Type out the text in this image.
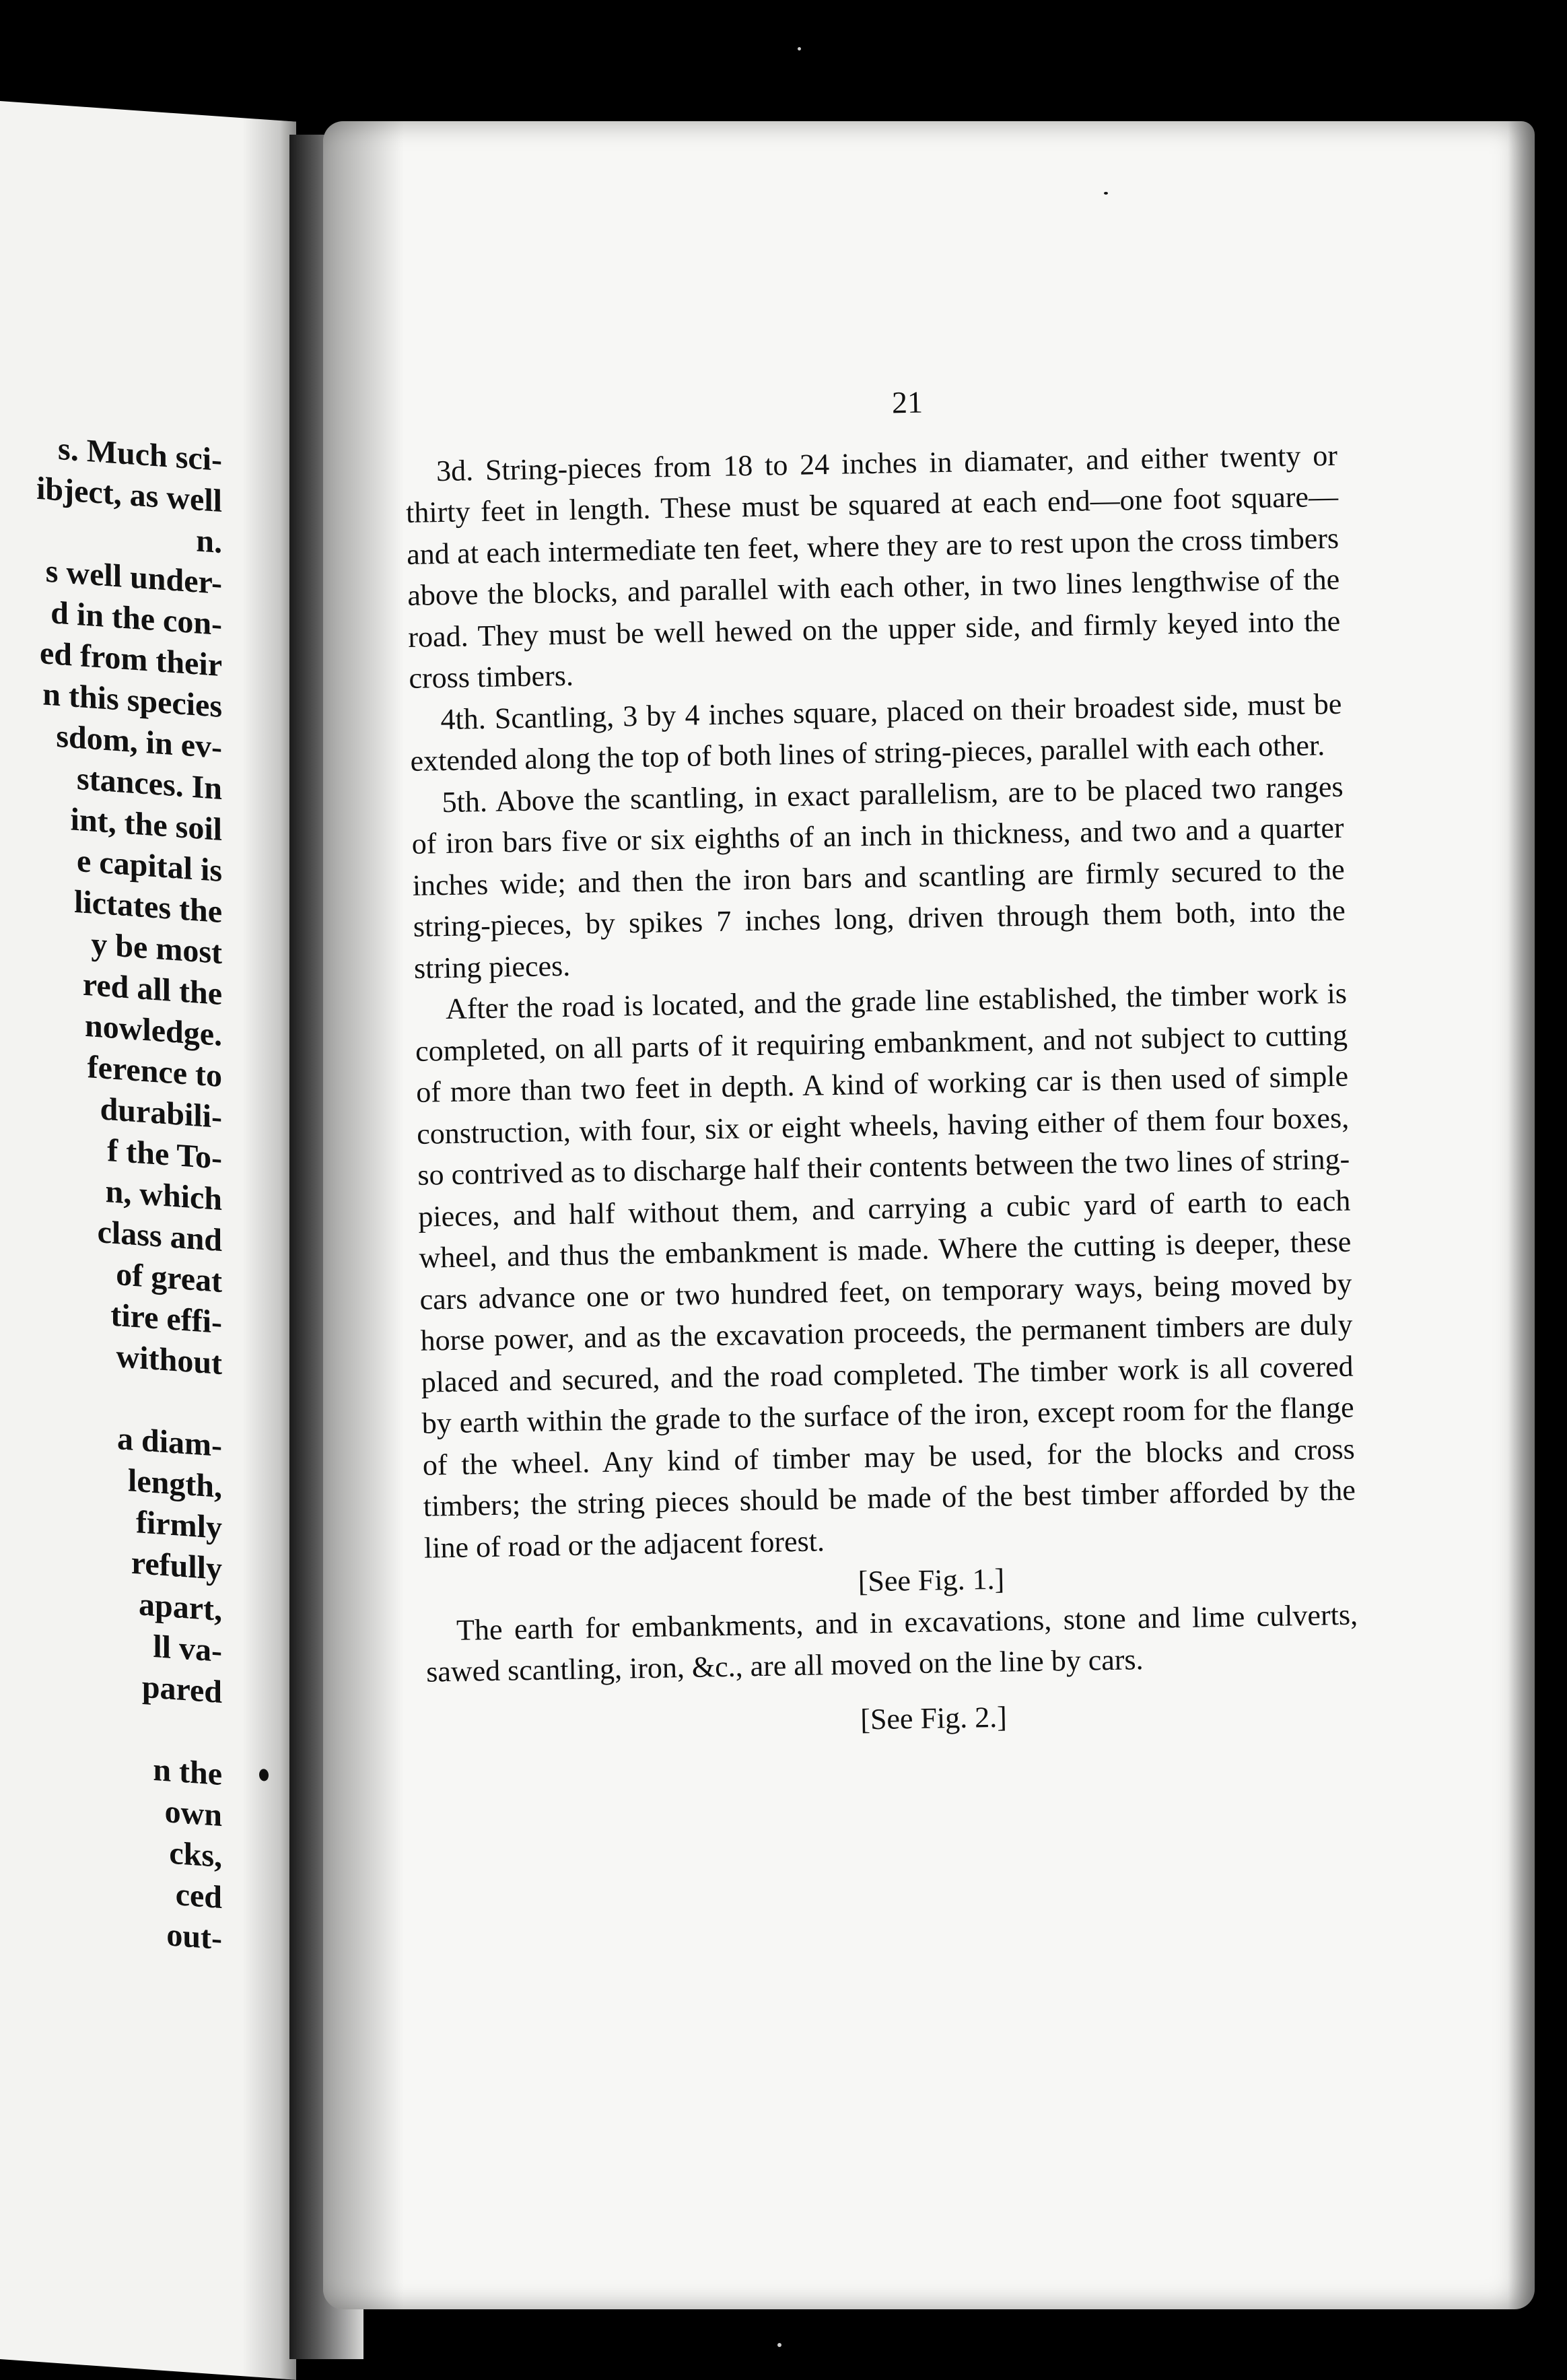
s. Much sci-
ibject, as well
n.
s well under-
d in the con-
ed from their
n this species
sdom, in ev-
stances. In
int, the soil
e capital is
lictates the
y be most
red all the
nowledge.
ference to
durabili-
f the To-
n, which
class and
of great
tire effi-
without
a diam-
length,
firmly
refully
apart,
ll va-
pared
n the
own
cks,
ced
out-
21

3d. String-pieces from 18 to 24 inches in diamater, and either twenty or thirty feet in length. These must be squared at each end—one foot square—and at each intermediate ten feet, where they are to rest upon the cross timbers above the blocks, and parallel with each other, in two lines lengthwise of the road. They must be well hewed on the upper side, and firmly keyed into the cross timbers.

4th. Scantling, 3 by 4 inches square, placed on their broadest side, must be extended along the top of both lines of string-pieces, parallel with each other.

5th. Above the scantling, in exact parallelism, are to be placed two ranges of iron bars five or six eighths of an inch in thickness, and two and a quarter inches wide; and then the iron bars and scantling are firmly secured to the string-pieces, by spikes 7 inches long, driven through them both, into the string pieces.

After the road is located, and the grade line established, the timber work is completed, on all parts of it requiring embankment, and not subject to cutting of more than two feet in depth. A kind of working car is then used of simple construction, with four, six or eight wheels, having either of them four boxes, so contrived as to discharge half their contents between the two lines of string-pieces, and half without them, and carrying a cubic yard of earth to each wheel, and thus the embankment is made. Where the cutting is deeper, these cars advance one or two hundred feet, on temporary ways, being moved by horse power, and as the excavation proceeds, the permanent timbers are duly placed and secured, and the road completed. The timber work is all covered by earth within the grade to the surface of the iron, except room for the flange of the wheel. Any kind of timber may be used, for the blocks and cross timbers; the string pieces should be made of the best timber afforded by the line of road or the adjacent forest.

[See Fig. 1.]

The earth for embankments, and in excavations, stone and lime culverts, sawed scantling, iron, &c., are all moved on the line by cars.

[See Fig. 2.]
